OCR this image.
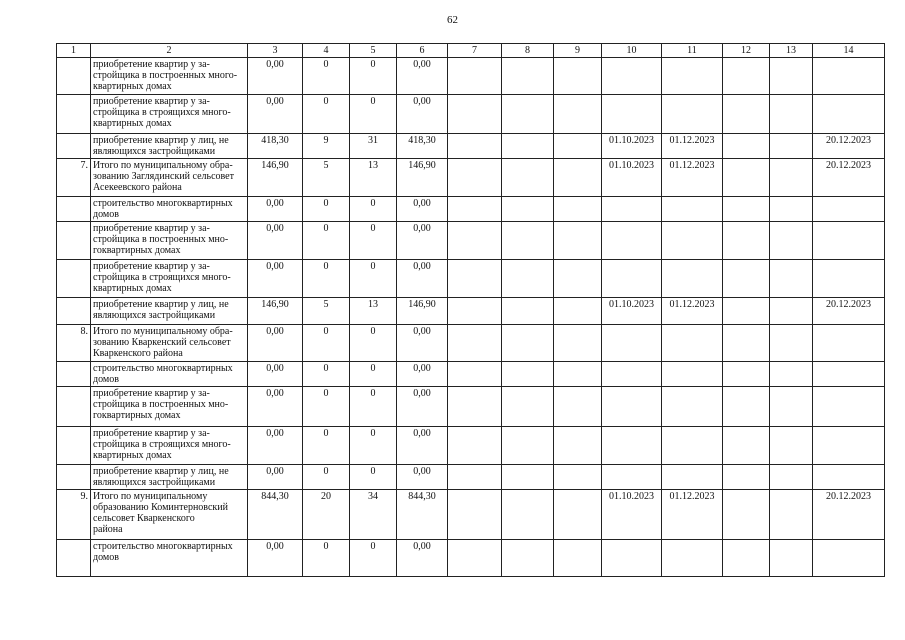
62
1	2	3	4	5	6	7	8	9	10	11	12	13	14
	приобретение квартир у за-
стройщика в построенных много-
квартирных домах	0,00	0	0	0,00								
	приобретение квартир у за-
стройщика в строящихся много-
квартирных домах	0,00	0	0	0,00								
	приобретение квартир у лиц, не
являющихся застройщиками	418,30	9	31	418,30				01.10.2023	01.12.2023			20.12.2023
7.	Итого по муниципальному обра-
зованию Заглядинский сельсовет
Асекеевского района	146,90	5	13	146,90				01.10.2023	01.12.2023			20.12.2023
	строительство многоквартирных
домов	0,00	0	0	0,00								
	приобретение квартир у за-
стройщика в построенных мно-
гоквартирных домах	0,00	0	0	0,00								
	приобретение квартир у за-
стройщика в строящихся много-
квартирных домах	0,00	0	0	0,00								
	приобретение квартир у лиц, не
являющихся застройщиками	146,90	5	13	146,90				01.10.2023	01.12.2023			20.12.2023
8.	Итого по муниципальному обра-
зованию Кваркенский сельсовет
Кваркенского района	0,00	0	0	0,00								
	строительство многоквартирных
домов	0,00	0	0	0,00								
	приобретение квартир у за-
стройщика в построенных мно-
гоквартирных домах	0,00	0	0	0,00								
	приобретение квартир у за-
стройщика в строящихся много-
квартирных домах	0,00	0	0	0,00								
	приобретение квартир у лиц, не
являющихся застройщиками	0,00	0	0	0,00								
9.	Итого по муниципальному
образованию Коминтерновский
сельсовет Кваркенского
района	844,30	20	34	844,30				01.10.2023	01.12.2023			20.12.2023
	строительство многоквартирных
домов	0,00	0	0	0,00								
